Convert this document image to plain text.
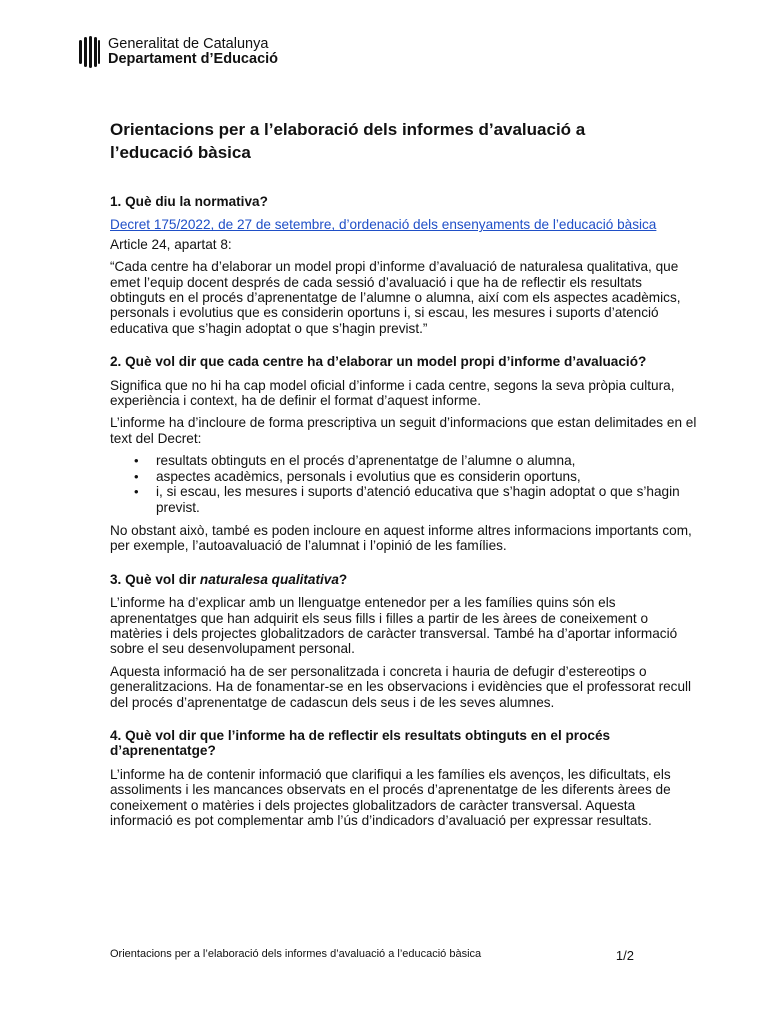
Generalitat de Catalunya
Departament d’Educació
Orientacions per a l’elaboració dels informes d’avaluació a l’educació bàsica
1. Què diu la normativa?

Decret 175/2022, de 27 de setembre, d’ordenació dels ensenyaments de l’educació bàsica

Article 24, apartat 8:

“Cada centre ha d’elaborar un model propi d’informe d’avaluació de naturalesa qualitativa, que emet l’equip docent després de cada sessió d’avaluació i que ha de reflectir els resultats obtinguts en el procés d’aprenentatge de l’alumne o alumna, així com els aspectes acadèmics, personals i evolutius que es considerin oportuns i, si escau, les mesures i suports d’atenció educativa que s’hagin adoptat o que s’hagin previst.”

2. Què vol dir que cada centre ha d’elaborar un model propi d’informe d’avaluació?

Significa que no hi ha cap model oficial d’informe i cada centre, segons la seva pròpia cultura, experiència i context, ha de definir el format d’aquest informe.

L’informe ha d’incloure de forma prescriptiva un seguit d’informacions que estan delimitades en el text del Decret:

• resultats obtinguts en el procés d’aprenentatge de l’alumne o alumna,
• aspectes acadèmics, personals i evolutius que es considerin oportuns,
• i, si escau, les mesures i suports d’atenció educativa que s’hagin adoptat o que s’hagin previst.

No obstant això, també es poden incloure en aquest informe altres informacions importants com, per exemple, l’autoavaluació de l’alumnat i l’opinió de les famílies.

3. Què vol dir naturalesa qualitativa?

L’informe ha d’explicar amb un llenguatge entenedor per a les famílies quins són els aprenentatges que han adquirit els seus fills i filles a partir de les àrees de coneixement o matèries i dels projectes globalitzadors de caràcter transversal. També ha d’aportar informació sobre el seu desenvolupament personal.

Aquesta informació ha de ser personalitzada i concreta i hauria de defugir d’estereotips o generalitzacions. Ha de fonamentar-se en les observacions i evidències que el professorat recull del procés d’aprenentatge de cadascun dels seus i de les seves alumnes.

4. Què vol dir que l’informe ha de reflectir els resultats obtinguts en el procés d’aprenentatge?

L’informe ha de contenir informació que clarifiqui a les famílies els avenços, les dificultats, els assoliments i les mancances observats en el procés d’aprenentatge de les diferents àrees de coneixement o matèries i dels projectes globalitzadors de caràcter transversal. Aquesta informació es pot complementar amb l’ús d’indicadors d’avaluació per expressar resultats.

Orientacions per a l’elaboració dels informes d’avaluació a l’educació bàsica	1/2
